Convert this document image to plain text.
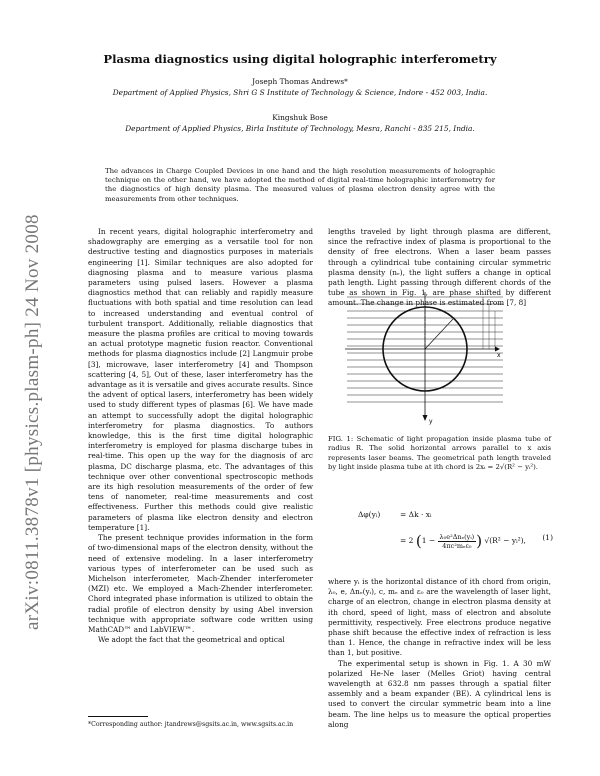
arXiv:0811.3878v1 [physics.plasm-ph] 24 Nov 2008
Plasma diagnostics using digital holographic interferometry
Joseph Thomas Andrews*
Department of Applied Physics, Shri G S Institute of Technology & Science, Indore - 452 003, India.
Kingshuk Bose
Department of Applied Physics, Birla Institute of Technology, Mesra, Ranchi - 835 215, India.
The advances in Charge Coupled Devices in one hand and the high resolution measurements of holographic technique on the other hand, we have adopted the method of digital real-time holographic interferometry for the diagnostics of high density plasma. The measured values of plasma electron density agree with the measurements from other techniques.

In recent years, digital holographic interferometry and shadowgraphy are emerging as a versatile tool for non destructive testing and diagnostics purposes in materials engineering [1]. Similar techniques are also adopted for diagnosing plasma and to measure various plasma parameters using pulsed lasers. However a plasma diagnostics method that can reliably and rapidly measure fluctuations with both spatial and time resolution can lead to increased understanding and eventual control of turbulent transport. Additionally, reliable diagnostics that measure the plasma profiles are critical to moving towards an actual prototype magnetic fusion reactor. Conventional methods for plasma diagnostics include [2] Langmuir probe [3], microwave, laser interferometry [4] and Thompson scattering [4, 5], Out of these, laser interferometry has the advantage as it is versatile and gives accurate results. Since the advent of optical lasers, interferometry has been widely used to study different types of plasmas [6]. We have made an attempt to successfully adopt the digital holographic interferometry for plasma diagnostics. To authors knowledge, this is the first time digital holographic interferometry is employed for plasma discharge tubes in real-time. This open up the way for the diagnosis of arc plasma, DC discharge plasma, etc. The advantages of this technique over other conventional spectroscopic methods are its high resolution measurements of the order of few tens of nanometer, real-time measurements and cost effectiveness. Further this methods could give realistic parameters of plasma like electron density and electron temperature [1].

The present technique provides information in the form of two-dimensional maps of the electron density, without the need of extensive modeling. In a laser interferometry various types of interferometer can be used such as Michelson interferometer, Mach-Zhender interferometer (MZI) etc. We employed a Mach-Zhender interferometer. Chord integrated phase information is utilized to obtain the radial profile of electron density by using Abel inversion technique with appropriate software code written using MathCAD™ and LabVIEW™.

We adopt the fact that the geometrical and optical

*Corresponding author: jtandrews@sgsits.ac.in, www.sgsits.ac.in

lengths traveled by light through plasma are different, since the refractive index of plasma is proportional to the density of free electrons. When a laser beam passes through a cylindrical tube containing circular symmetric plasma density (nₑ), the light suffers a change in optical path length. Light passing through different chords of the tube as shown in Fig. 1, are phase shifted by different amount. The change in phase is estimated from [7, 8]

x
y
FIG. 1: Schematic of light propagation inside plasma tube of radius R. The solid horizontal arrows parallel to x axis represents laser beams. The geometrical path length traveled by light inside plasma tube at ith chord is 2xᵢ = 2√(R² − yᵢ²).
Δφ(yᵢ)	= Δk · xᵢ
= 2 ($1 - \frac{\text{λ₀e²Δnₑ(yᵢ)}}{\text{4πc²mₑε₀}}$ ) √(R² − yᵢ²), (1)

where yᵢ is the horizontal distance of ith chord from origin, λ₀, e, Δnₑ(yᵢ), c, mₑ and ε₀ are the wavelength of laser light, charge of an electron, change in electron plasma density at ith chord, speed of light, mass of electron and absolute permittivity, respectively. Free electrons produce negative phase shift because the effective index of refraction is less than 1. Hence, the change in refractive index will be less than 1, but positive.

The experimental setup is shown in Fig. 1. A 30 mW polarized He-Ne laser (Melles Griot) having central wavelength at 632.8 nm passes through a spatial filter assembly and a beam expander (BE). A cylindrical lens is used to convert the circular symmetric beam into a line beam. The line helps us to measure the optical properties along
